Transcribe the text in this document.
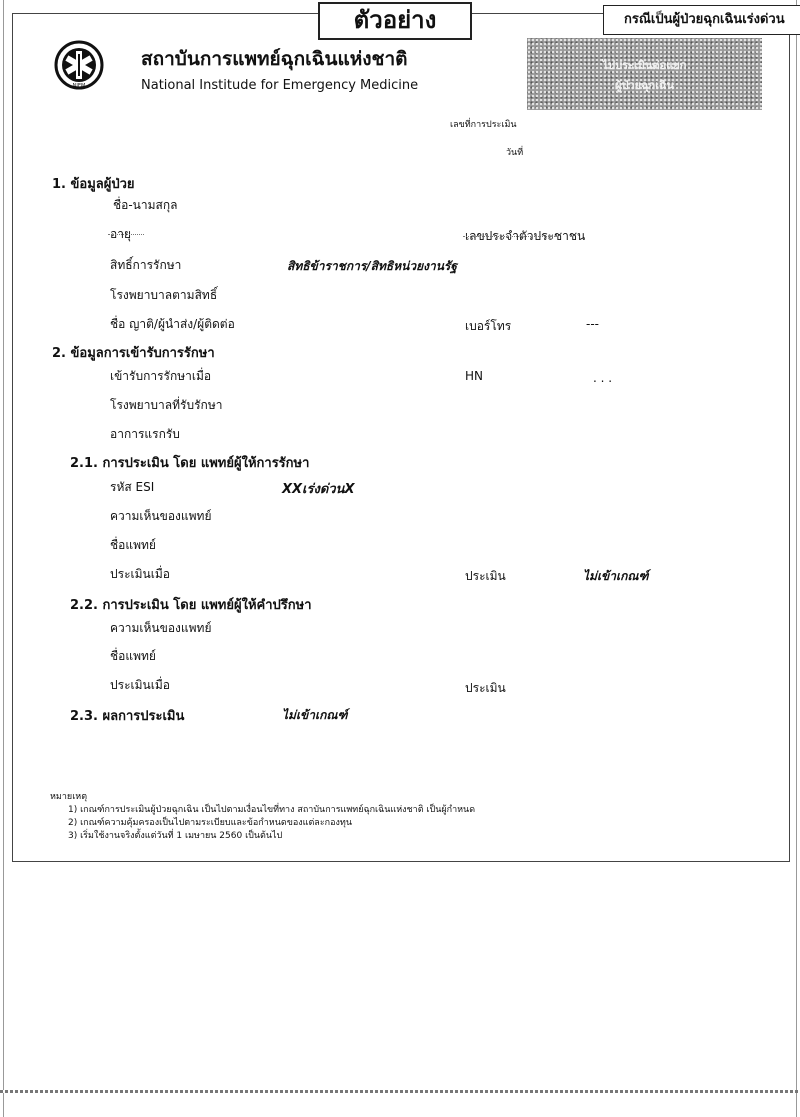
ตัวอย่าง	กรณีเป็นผู้ป่วยฉุกเฉินเร่งด่วน
NIEM
สถาบันการแพทย์ฉุกเฉินแห่งชาติ
National Institude for Emergency Medicine
ไปประเมินต่อแยก
ผู้ป่วยฉุกเฉิน
เลขที่การประเมิน
วันที่
1. ข้อมูลผู้ป่วย
ชื่อ-นามสกุล
อายุ	เลขประจำตัวประชาชน
สิทธิ์การรักษา	สิทธิข้าราชการ/สิทธิหน่วยงานรัฐ
โรงพยาบาลตามสิทธิ์
ชื่อ ญาติ/ผู้นำส่ง/ผู้ติดต่อ	เบอร์โทร	---
2. ข้อมูลการเข้ารับการรักษา
เข้ารับการรักษาเมื่อ	HN	. . .
โรงพยาบาลที่รับรักษา
อาการแรกรับ
2.1. การประเมิน โดย แพทย์ผู้ให้การรักษา
รหัส ESI	XXเร่งด่วนX
ความเห็นของแพทย์
ชื่อแพทย์
ประเมินเมื่อ	ประเมิน	ไม่เข้าเกณฑ์
2.2. การประเมิน โดย แพทย์ผู้ให้คำปรึกษา
ความเห็นของแพทย์
ชื่อแพทย์
ประเมินเมื่อ	ประเมิน
2.3. ผลการประเมิน	ไม่เข้าเกณฑ์
หมายเหตุ
1) เกณฑ์การประเมินผู้ป่วยฉุกเฉิน เป็นไปตามเงื่อนไขที่ทาง สถาบันการแพทย์ฉุกเฉินแห่งชาติ เป็นผู้กำหนด
2) เกณฑ์ความคุ้มครองเป็นไปตามระเบียบและข้อกำหนดของแต่ละกองทุน
3) เริ่มใช้งานจริงตั้งแต่วันที่ 1 เมษายน 2560 เป็นต้นไป
